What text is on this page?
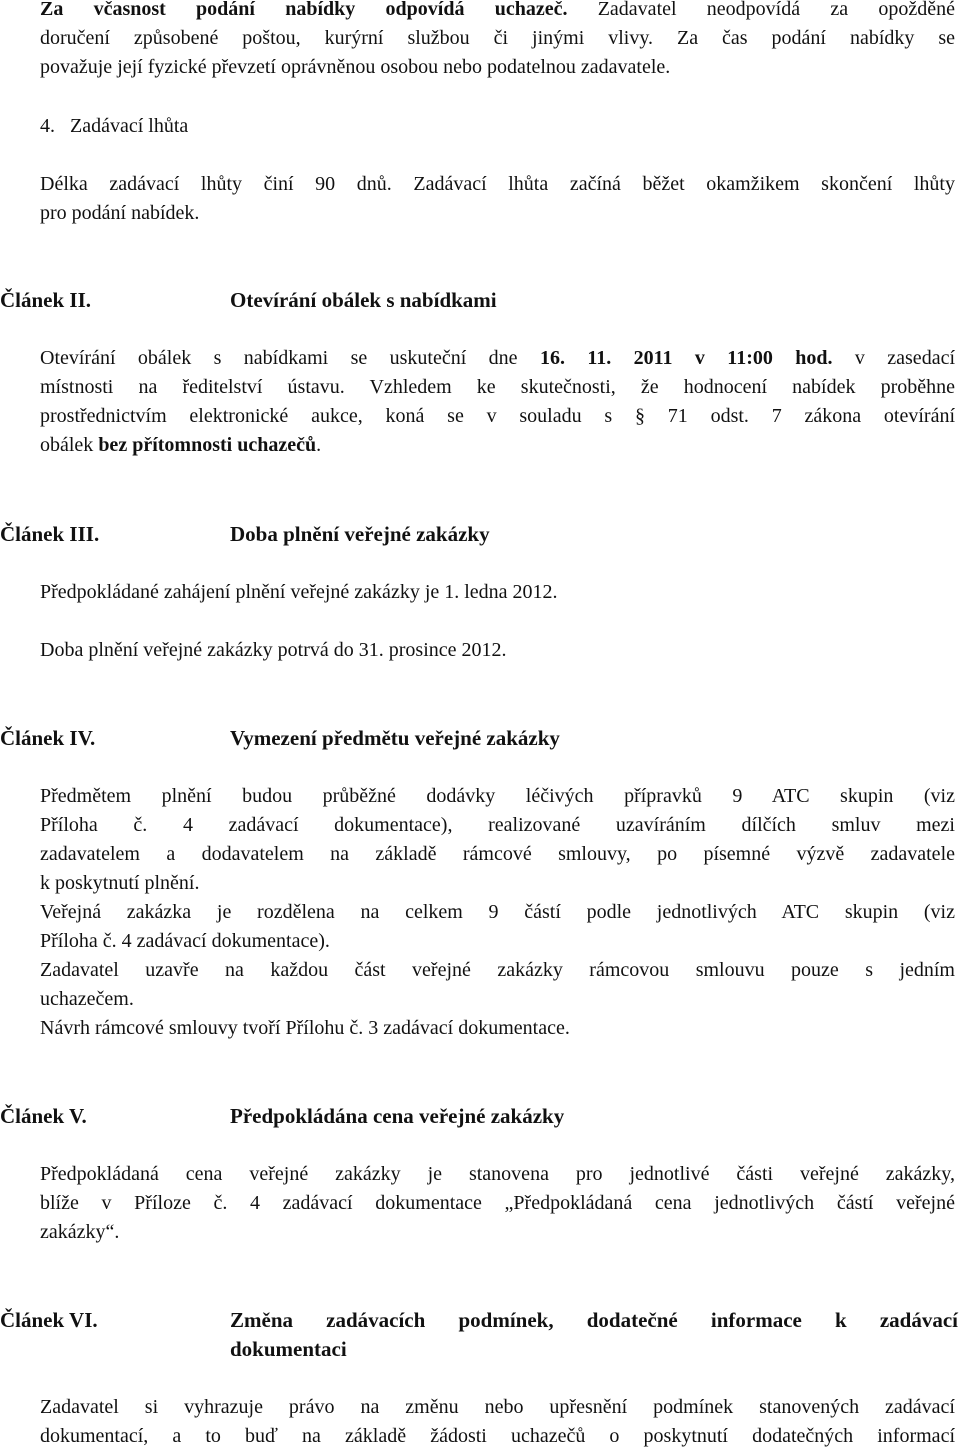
Za včasnost podání nabídky odpovídá uchazeč. Zadavatel neodpovídá za opožděné
doručení způsobené poštou, kurýrní službou či jinými vlivy. Za čas podání nabídky se
považuje její fyzické převzetí oprávněnou osobou nebo podatelnou zadavatele.

4.   Zadávací lhůta

Délka zadávací lhůty činí 90 dnů. Zadávací lhůta začíná běžet okamžikem skončení lhůty
pro podání nabídek.
Článek II.	Otevírání obálek s nabídkami
Otevírání obálek s nabídkami se uskuteční dne 16. 11. 2011 v 11:00 hod. v zasedací
místnosti na ředitelství ústavu. Vzhledem ke skutečnosti, že hodnocení nabídek proběhne
prostřednictvím elektronické aukce, koná se v souladu s § 71 odst. 7 zákona otevírání
obálek bez přítomnosti uchazečů.
Článek III.	Doba plnění veřejné zakázky

Předpokládané zahájení plnění veřejné zakázky je 1. ledna 2012.

Doba plnění veřejné zakázky potrvá do 31. prosince 2012.

Článek IV.	Vymezení předmětu veřejné zakázky
Předmětem plnění budou průběžné dodávky léčivých přípravků 9 ATC skupin (viz
Příloha č. 4 zadávací dokumentace), realizované uzavíráním dílčích smluv mezi
zadavatelem a dodavatelem na základě rámcové smlouvy, po písemné výzvě zadavatele
k poskytnutí plnění.
Veřejná zakázka je rozdělena na celkem 9 částí podle jednotlivých ATC skupin (viz
Příloha č. 4 zadávací dokumentace).
Zadavatel uzavře na každou část veřejné zakázky rámcovou smlouvu pouze s jedním
uchazečem.
Návrh rámcové smlouvy tvoří Přílohu č. 3 zadávací dokumentace.
Článek V.	Předpokládána cena veřejné zakázky
Předpokládaná cena veřejné zakázky je stanovena pro jednotlivé části veřejné zakázky,
blíže v Příloze č. 4 zadávací dokumentace „Předpokládaná cena jednotlivých částí veřejné
zakázky“.
Článek VI.	Změna zadávacích podmínek, dodatečné informace k zadávací
dokumentaci
Zadavatel si vyhrazuje právo na změnu nebo upřesnění podmínek stanovených zadávací
dokumentací, a to buď na základě žádosti uchazečů o poskytnutí dodatečných informací
